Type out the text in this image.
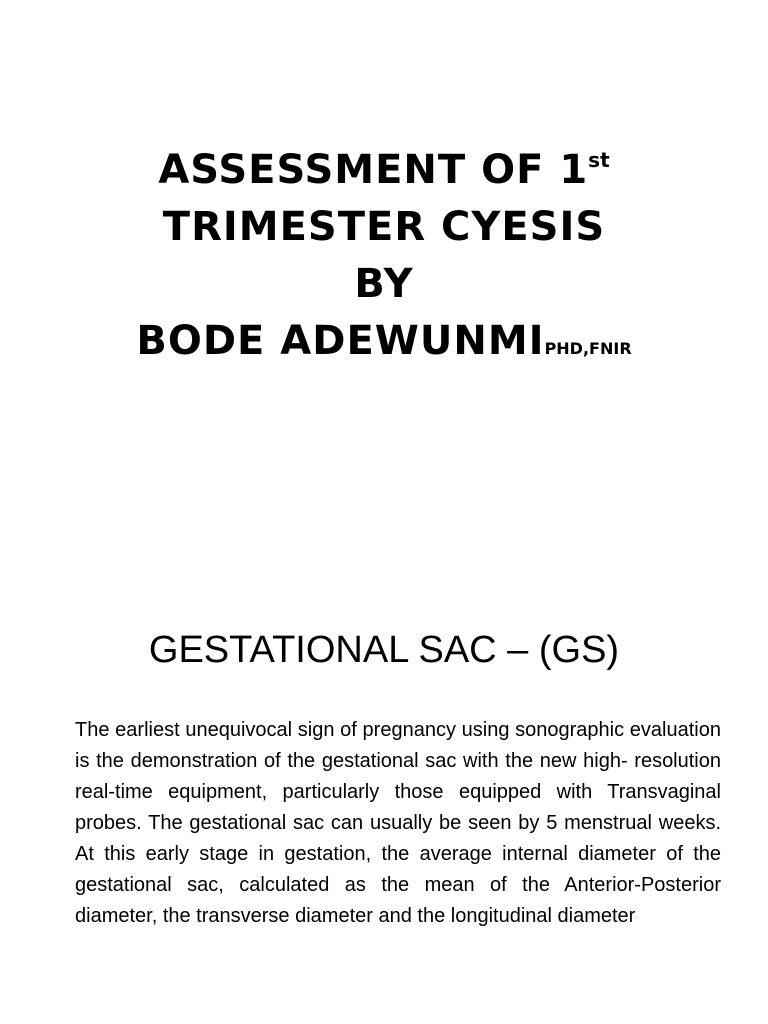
ASSESSMENT OF 1st
TRIMESTER CYESIS
BY
BODE ADEWUNMIPHD,FNIR
GESTATIONAL SAC – (GS)

The earliest unequivocal sign of pregnancy using sonographic evaluation is the demonstration of the gestational sac with the new high- resolution real-time equipment, particularly those equipped with Transvaginal probes. The gestational sac can usually be seen by 5 menstrual weeks. At this early stage in gestation, the average internal diameter of the gestational sac, calculated as the mean of the Anterior-Posterior diameter, the transverse diameter and the longitudinal diameter
